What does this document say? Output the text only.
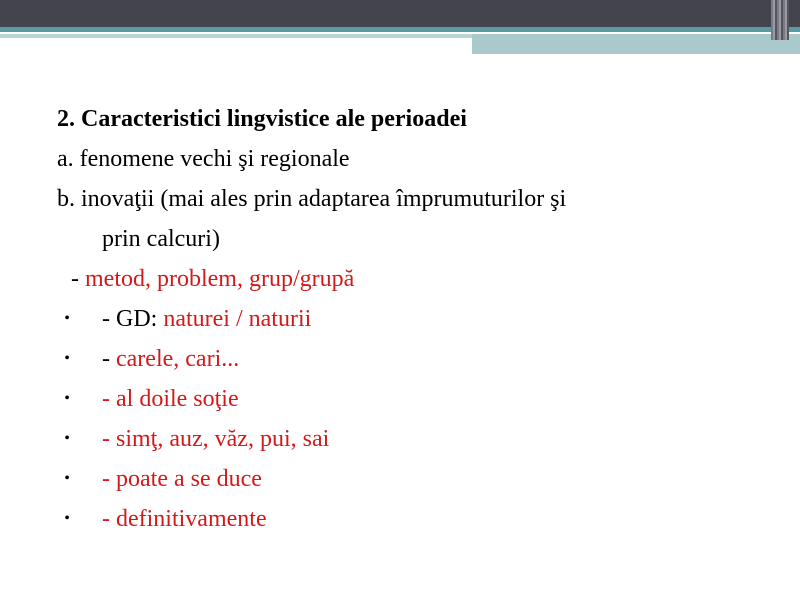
2. Caracteristici lingvistice ale perioadei
a. fenomene vechi şi regionale
b. inovaţii (mai ales prin adaptarea împrumuturilor şi
prin calcuri)
- metod, problem, grup/grupă
•	- GD: naturei / naturii
•	- carele, cari...
•	- al doile soţie
•	- simţ, auz, văz, pui, sai
•	- poate a se duce
•	- definitivamente
